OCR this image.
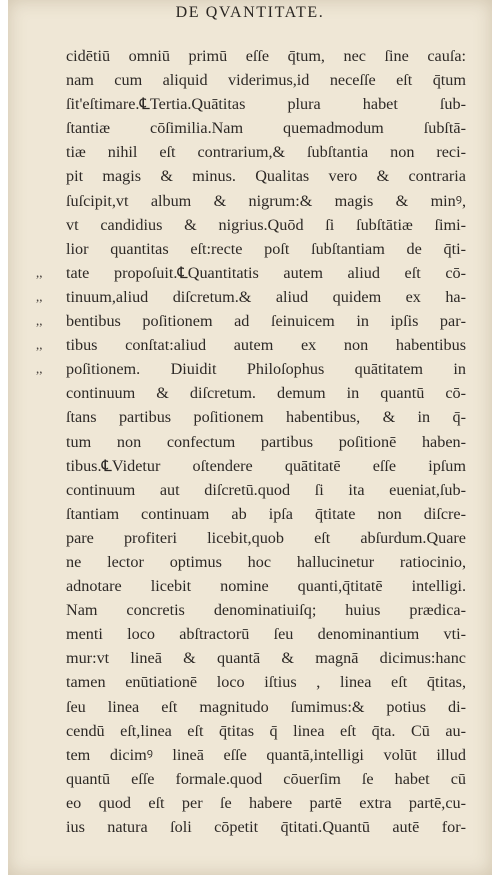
DE QVANTITATE.
cidētiū omniū primū eſſe q̄tum, nec ſine cauſa:
nam cum aliquid viderimus,id neceſſe eſt q̄tum
ſit'eſtimare.℄Tertia.Quātitas plura habet ſub‑
ſtantiæ cōſimilia.Nam quemadmodum ſubſtā‑
tiæ nihil eſt contrarium,& ſubſtantia non reci‑
pit magis & minus. Qualitas vero & contraria
ſuſcipit,vt album & nigrum:& magis & minꝰ,
vt candidius & nigrius.Quōd ſi ſubſtātiæ ſimi‑
lior quantitas eſt:recte poſt ſubſtantiam de q̄ti‑
,,	tate propoſuit.℄Quantitatis autem aliud eſt cō‑
,,	tinuum,aliud diſcretum.& aliud quidem ex ha‑
,,	bentibus poſitionem ad ſeinuicem in ipſis par‑
,,	tibus conſtat:aliud autem ex non habentibus
,,	poſitionem. Diuidit Philoſophus quātitatem in
continuum & diſcretum. demum in quantū cō‑
ſtans partibus poſitionem habentibus, & in q̄‑
tum non confectum partibus poſitionē haben‑
tibus.℄Videtur oſtendere quātitatē eſſe ipſum
continuum aut diſcretū.quod ſi ita eueniat,ſub‑
ſtantiam continuam ab ipſa q̄titate non diſcre‑
pare profiteri licebit,quob eſt abſurdum.Quare
ne lector optimus hoc hallucinetur ratiocinio,
adnotare licebit nomine quanti,q̄titatē intelligi.
Nam concretis denominatiuiſq; huius prædica‑
menti loco abſtractorū ſeu denominantium vti‑
mur:vt lineā & quantā & magnā dicimus:hanc
tamen enūtiationē loco iſtius , linea eſt q̄titas,
ſeu linea eſt magnitudo ſumimus:& potius di‑
cendū eſt,linea eſt q̄titas q̄ linea eſt q̄ta. Cū au‑
tem dicimꝰ lineā eſſe quantā,intelligi volūt illud
quantū eſſe formale.quod cōuerſim ſe habet cū
eo quod eſt per ſe habere partē extra partē,cu‑
ius natura ſoli cōpetit q̄titati.Quantū autē for‑
